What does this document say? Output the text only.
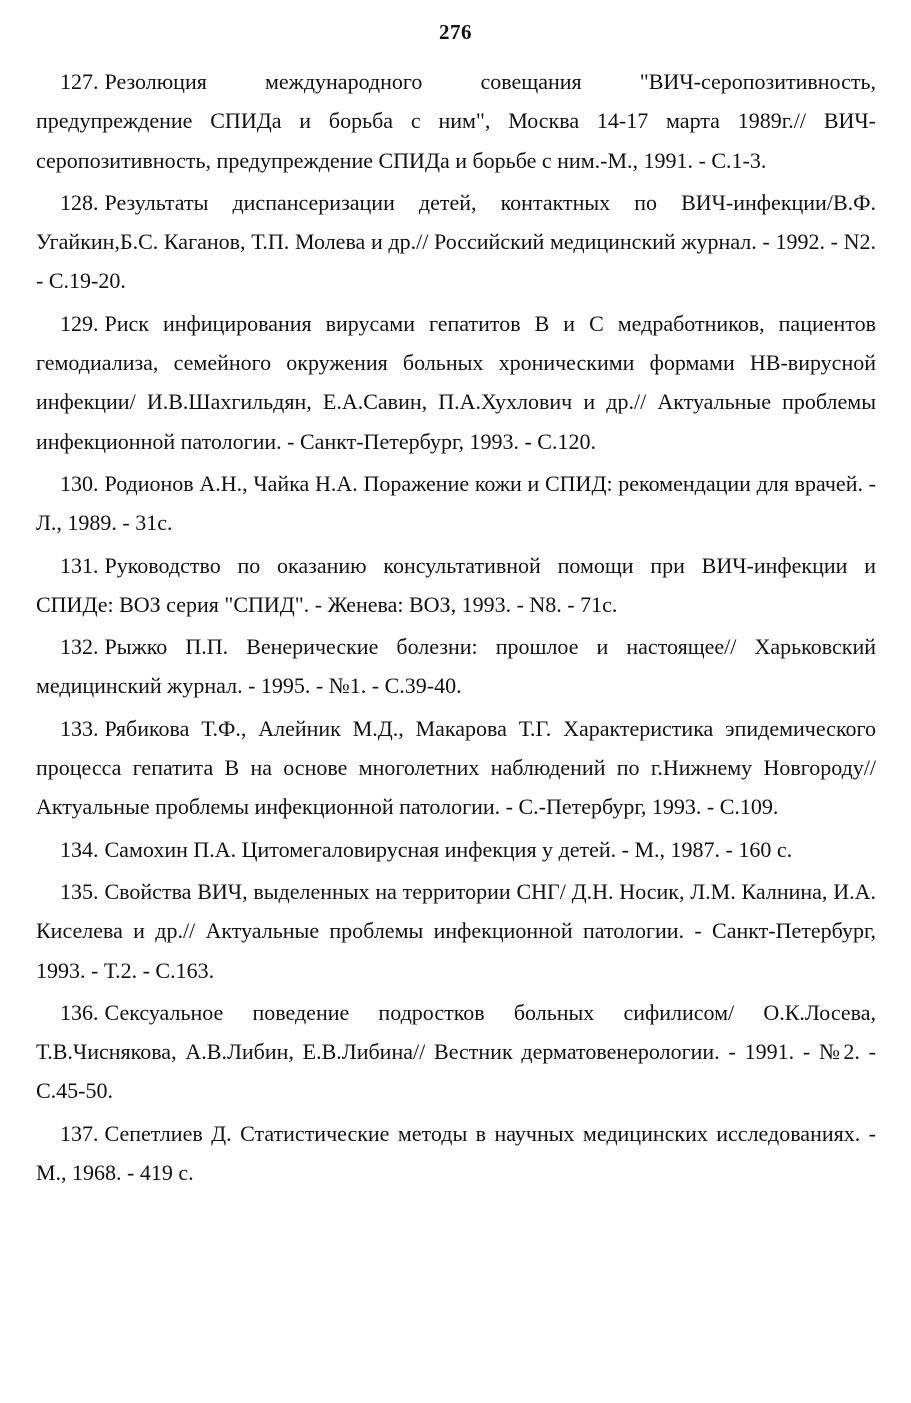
276
127. Резолюция международного совещания "ВИЧ-серопозитивность, предупреждение СПИДа и борьба с ним", Москва 14-17 марта 1989г.// ВИЧ-серопозитивность, предупреждение СПИДа и борьбе с ним.-М., 1991. - С.1-3.
128. Результаты диспансеризации детей, контактных по ВИЧ-инфекции/В.Ф. Угайкин,Б.С. Каганов, Т.П. Молева и др.// Российский медицинский журнал. - 1992. - N2. - С.19-20.
129. Риск инфицирования вирусами гепатитов В и С медработников, пациентов гемодиализа, семейного окружения больных хроническими формами НВ-вирусной инфекции/ И.В.Шахгильдян, Е.А.Савин, П.А.Хухлович и др.// Актуальные проблемы инфекционной патологии. - Санкт-Петербург, 1993. - С.120.
130. Родионов А.Н., Чайка Н.А. Поражение кожи и СПИД: рекомендации для врачей. - Л., 1989. - 31с.
131. Руководство по оказанию консультативной помощи при ВИЧ-инфекции и СПИДе: ВОЗ серия "СПИД". - Женева: ВОЗ, 1993. - N8. - 71с.
132. Рыжко П.П. Венерические болезни: прошлое и настоящее// Харьковский медицинский журнал. - 1995. - №1. - С.39-40.
133. Рябикова Т.Ф., Алейник М.Д., Макарова Т.Г. Характеристика эпидемического процесса гепатита В на основе многолетних наблюдений по г.Нижнему Новгороду// Актуальные проблемы инфекционной патологии. - С.-Петербург, 1993. - С.109.
134. Самохин П.А. Цитомегаловирусная инфекция у детей. - М., 1987. - 160 с.
135. Свойства ВИЧ, выделенных на территории СНГ/ Д.Н. Носик, Л.М. Калнина, И.А. Киселева и др.// Актуальные проблемы инфекционной патологии. - Санкт-Петербург, 1993. - Т.2. - С.163.
136. Сексуальное поведение подростков больных сифилисом/ О.К.Лосева, Т.В.Чиснякова, А.В.Либин, Е.В.Либина// Вестник дерматовенерологии. - 1991. - №2. - С.45-50.
137. Сепетлиев Д. Статистические методы в научных медицинских исследованиях. - М., 1968. - 419 с.
